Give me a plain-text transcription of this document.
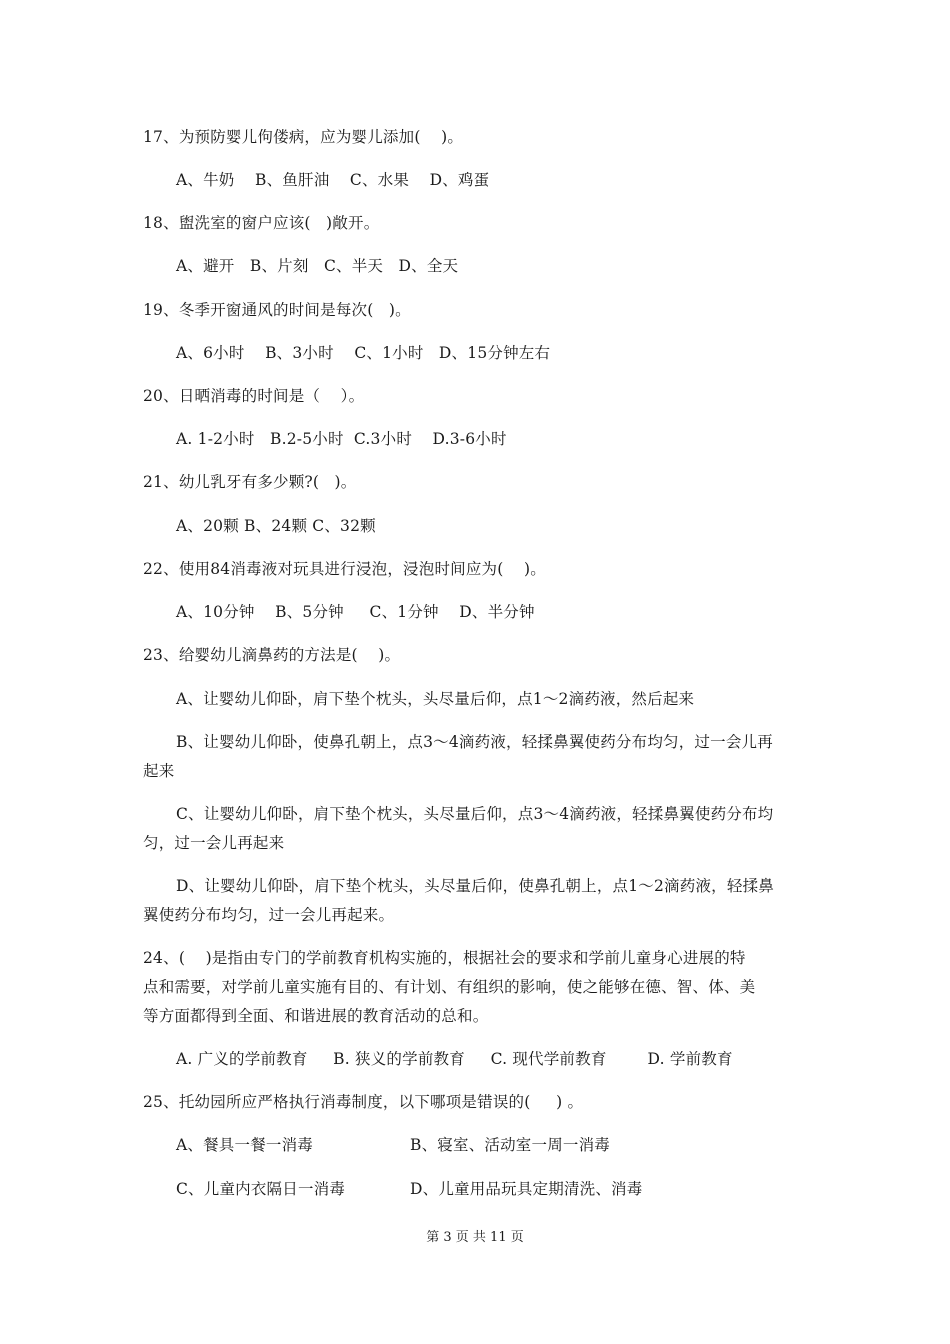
17、为预防婴儿佝偻病，应为婴儿添加(    )。
A、牛奶    B、鱼肝油    C、水果    D、鸡蛋
18、盥洗室的窗户应该(   )敞开。
A、避开   B、片刻   C、半天   D、全天
19、冬季开窗通风的时间是每次(   )。
A、6小时    B、3小时    C、1小时   D、15分钟左右
20、日晒消毒的时间是（    ）。
A. 1-2小时   B.2-5小时  C.3小时    D.3-6小时
21、幼儿乳牙有多少颗?(   )。
A、20颗 B、24颗 C、32颗
22、使用84消毒液对玩具进行浸泡，浸泡时间应为(    )。
A、10分钟    B、5分钟     C、1分钟    D、半分钟
23、给婴幼儿滴鼻药的方法是(    )。
A、让婴幼儿仰卧，肩下垫个枕头，头尽量后仰，点1～2滴药液，然后起来
B、让婴幼儿仰卧，使鼻孔朝上，点3～4滴药液，轻揉鼻翼使药分布均匀，过一会儿再
起来
C、让婴幼儿仰卧，肩下垫个枕头，头尽量后仰，点3～4滴药液，轻揉鼻翼使药分布均
匀，过一会儿再起来
D、让婴幼儿仰卧，肩下垫个枕头，头尽量后仰，使鼻孔朝上，点1～2滴药液，轻揉鼻
翼使药分布均匀，过一会儿再起来。
24、(    )是指由专门的学前教育机构实施的，根据社会的要求和学前儿童身心进展的特
点和需要，对学前儿童实施有目的、有计划、有组织的影响，使之能够在德、智、体、美
等方面都得到全面、和谐进展的教育活动的总和。
A. 广义的学前教育     B. 狭义的学前教育     C. 现代学前教育        D. 学前教育
25、托幼园所应严格执行消毒制度，以下哪项是错误的(     ) 。
A、餐具一餐一消毒	B、寝室、活动室一周一消毒
C、儿童内衣隔日一消毒	D、儿童用品玩具定期清洗、消毒
第 3 页 共 11 页
